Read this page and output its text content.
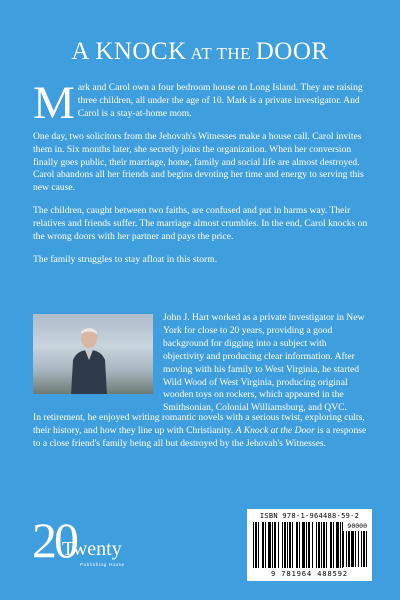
A KNOCK AT THE DOOR

Mark and Carol own a four bedroom house on Long Island. They are raising three children, all under the age of 10. Mark is a private investigator. And Carol is a stay-at-home mom.

One day, two solicitors from the Jehovah's Witnesses make a house call. Carol invites them in. Six months later, she secretly joins the organization. When her conversion finally goes public, their marriage, home, family and social life are almost destroyed. Carol abandons all her friends and begins devoting her time and energy to serving this new cause.

The children, caught between two faiths, are confused and put in harms way. Their relatives and friends suffer. The marriage almost crumbles. In the end, Carol knocks on the wrong doors with her partner and pays the price.

The family struggles to stay afloat in this storm.

John J. Hart worked as a private investigator in New York for close to 20 years, providing a good background for digging into a subject with objectivity and producing clear information. After moving with his family to West Virginia, he started Wild Wood of West Virginia, producing original wooden toys on rockers, which appeared in the Smithsonian, Colonial Williamsburg, and QVC.

In retirement, he enjoyed writing romantic novels with a serious twist, exploring cults, their history, and how they line up with Christianity. A Knock at the Door is a response to a close friend's family being all but destroyed by the Jehovah's Witnesses.

20
Twenty
Publishing House
ISBN 978-1-964488-59-2
90000
9 781964 488592
